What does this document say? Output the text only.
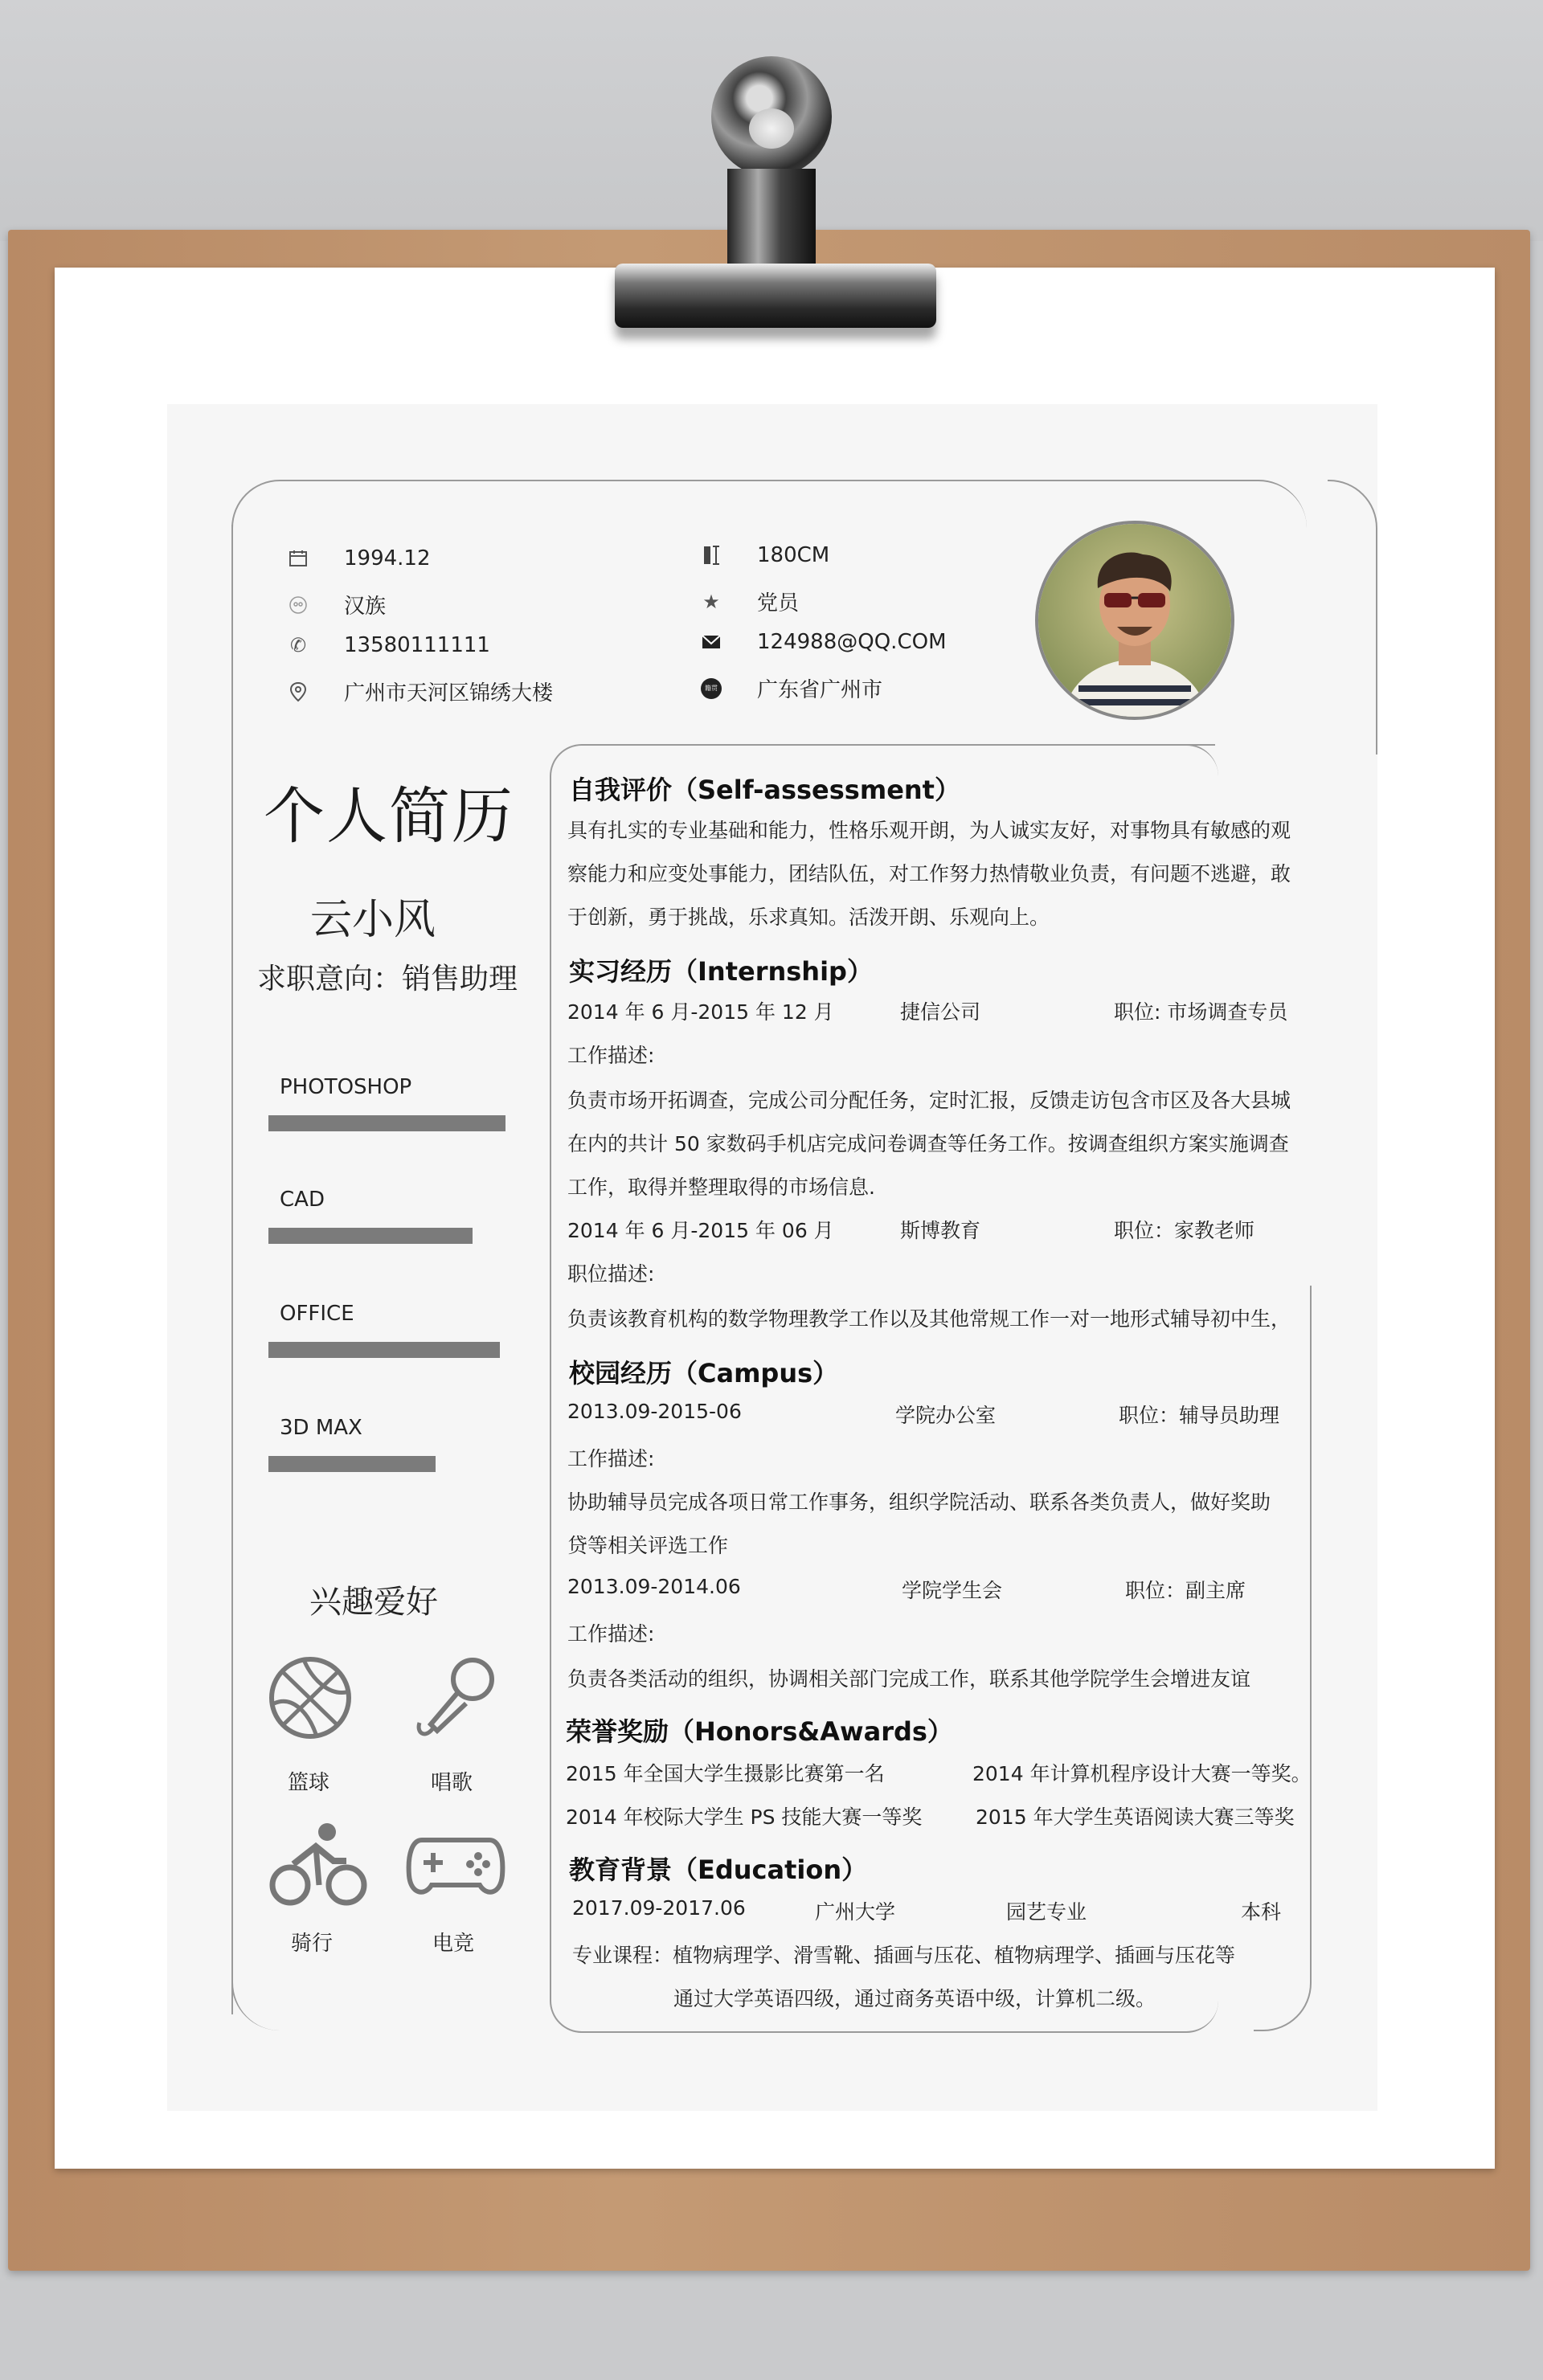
1994.12
汉族
✆ 13580111111
广州市天河区锦绣大楼
180CM
★ 党员
124988@QQ.COM
籍贯 广东省广州市
个人简历
云小风
求职意向：销售助理
PHOTOSHOP
CAD
OFFICE
3D MAX
兴趣爱好
篮球	唱歌
骑行	电竞
自我评价（Self-assessment）
具有扎实的专业基础和能力，性格乐观开朗，为人诚实友好，对事物具有敏感的观
察能力和应变处事能力，团结队伍，对工作努力热情敬业负责，有问题不逃避，敢
于创新，勇于挑战，乐求真知。活泼开朗、乐观向上。
实习经历（Internship）
2014 年 6 月-2015 年 12 月	捷信公司	职位: 市场调查专员
工作描述:
负责市场开拓调查，完成公司分配任务，定时汇报，反馈走访包含市区及各大县城
在内的共计 50 家数码手机店完成问卷调查等任务工作。按调查组织方案实施调查
工作，取得并整理取得的市场信息.
2014 年 6 月-2015 年 06 月	斯博教育	职位：家教老师
职位描述:
负责该教育机构的数学物理教学工作以及其他常规工作一对一地形式辅导初中生，
校园经历（Campus）
2013.09-2015-06	学院办公室	职位：辅导员助理
工作描述:
协助辅导员完成各项日常工作事务，组织学院活动、联系各类负责人，做好奖助
贷等相关评选工作
2013.09-2014.06	学院学生会	职位：副主席
工作描述:
负责各类活动的组织，协调相关部门完成工作，联系其他学院学生会增进友谊
荣誉奖励（Honors&Awards）
2015 年全国大学生摄影比赛第一名	2014 年计算机程序设计大赛一等奖。
2014 年校际大学生 PS 技能大赛一等奖	2015 年大学生英语阅读大赛三等奖
教育背景（Education）
2017.09-2017.06	广州大学	园艺专业	本科
专业课程：植物病理学、滑雪靴、插画与压花、植物病理学、插画与压花等
通过大学英语四级，通过商务英语中级，计算机二级。
